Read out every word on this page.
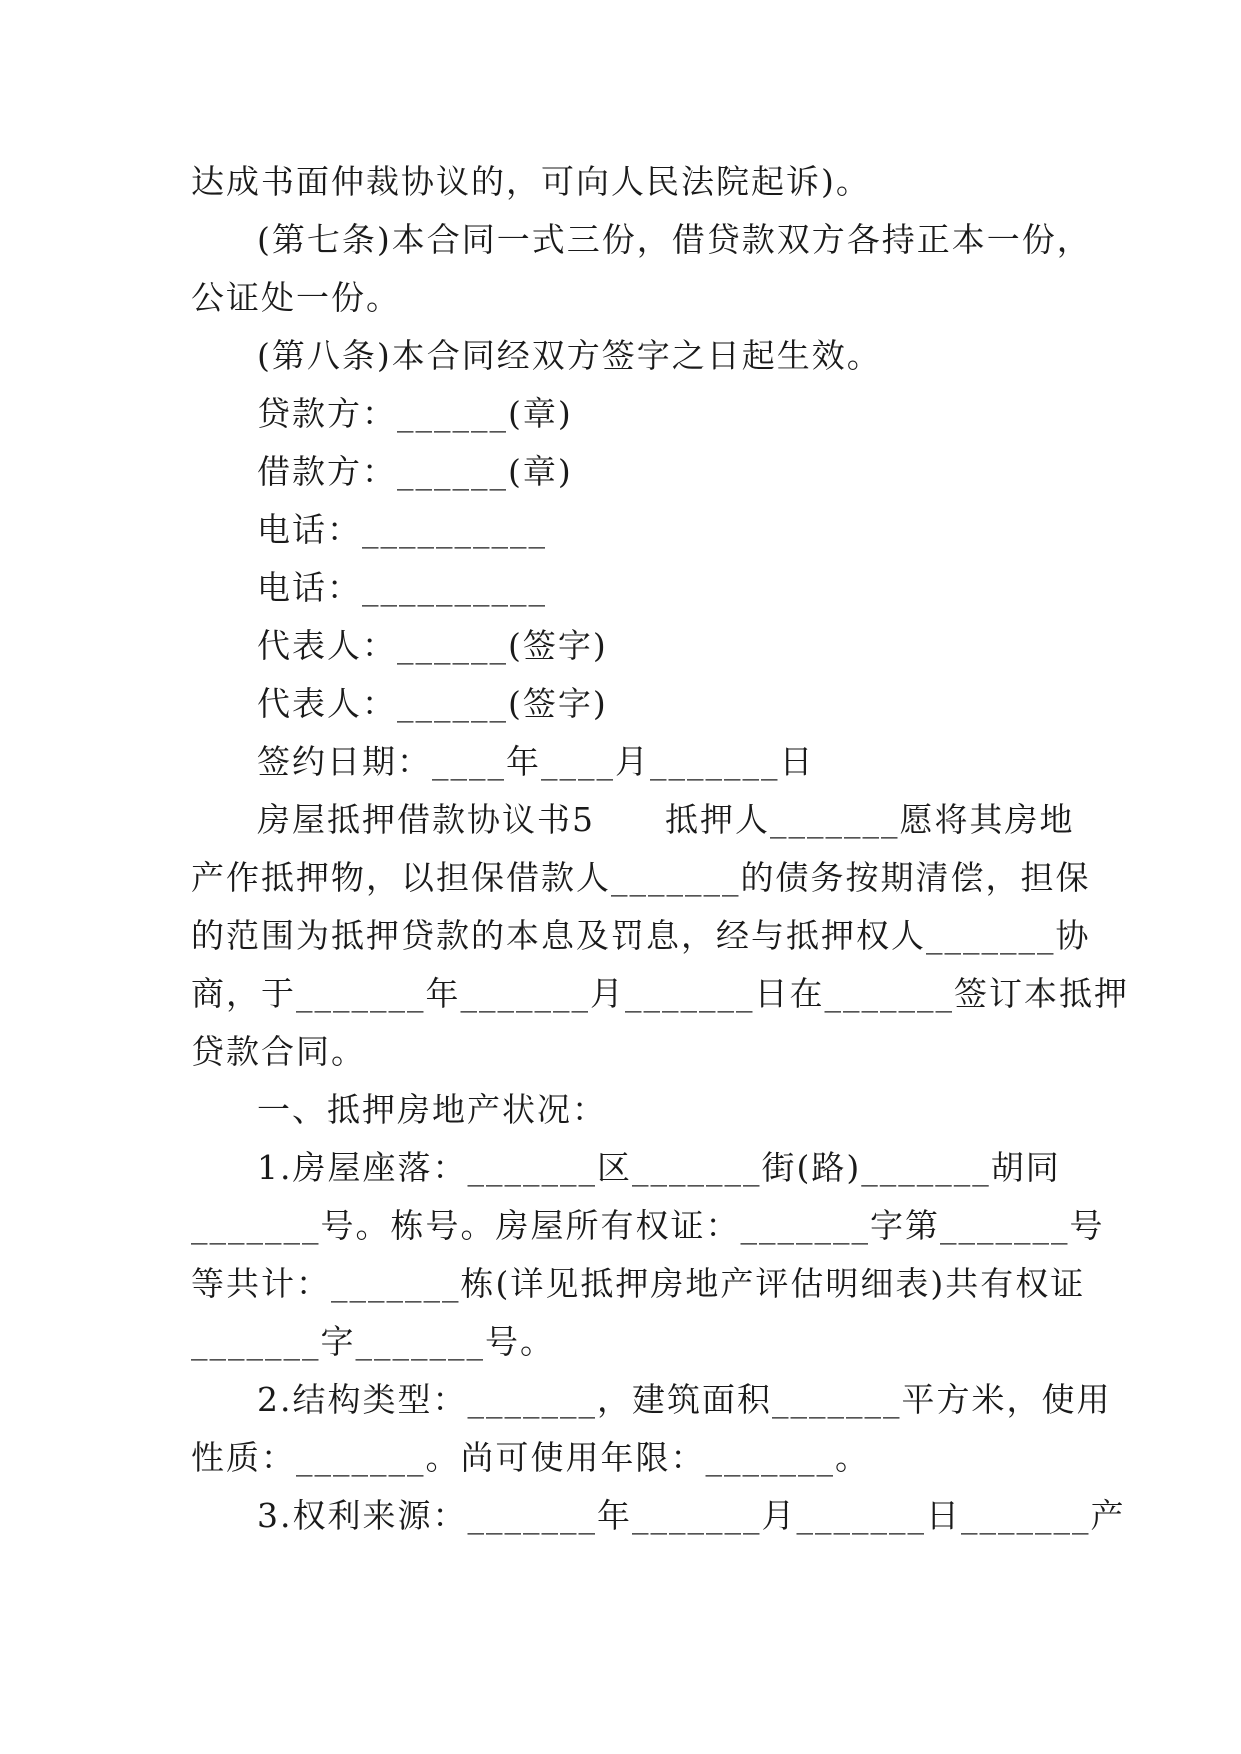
达成书面仲裁协议的，可向人民法院起诉)。
(第七条)本合同一式三份，借贷款双方各持正本一份，
公证处一份。
(第八条)本合同经双方签字之日起生效。
贷款方：______(章)
借款方：______(章)
电话：__________
电话：__________
代表人：______(签字)
代表人：______(签字)
签约日期：____年____月_______日
房屋抵押借款协议书5　　抵押人_______愿将其房地
产作抵押物，以担保借款人_______的债务按期清偿，担保
的范围为抵押贷款的本息及罚息，经与抵押权人_______协
商，于_______年_______月_______日在_______签订本抵押
贷款合同。
一、抵押房地产状况：
1.房屋座落：_______区_______街(路)_______胡同
_______号。栋号。房屋所有权证：_______字第_______号
等共计：_______栋(详见抵押房地产评估明细表)共有权证
_______字_______号。
2.结构类型：_______，建筑面积_______平方米，使用
性质：_______。尚可使用年限：_______。
3.权利来源：_______年_______月_______日_______产
